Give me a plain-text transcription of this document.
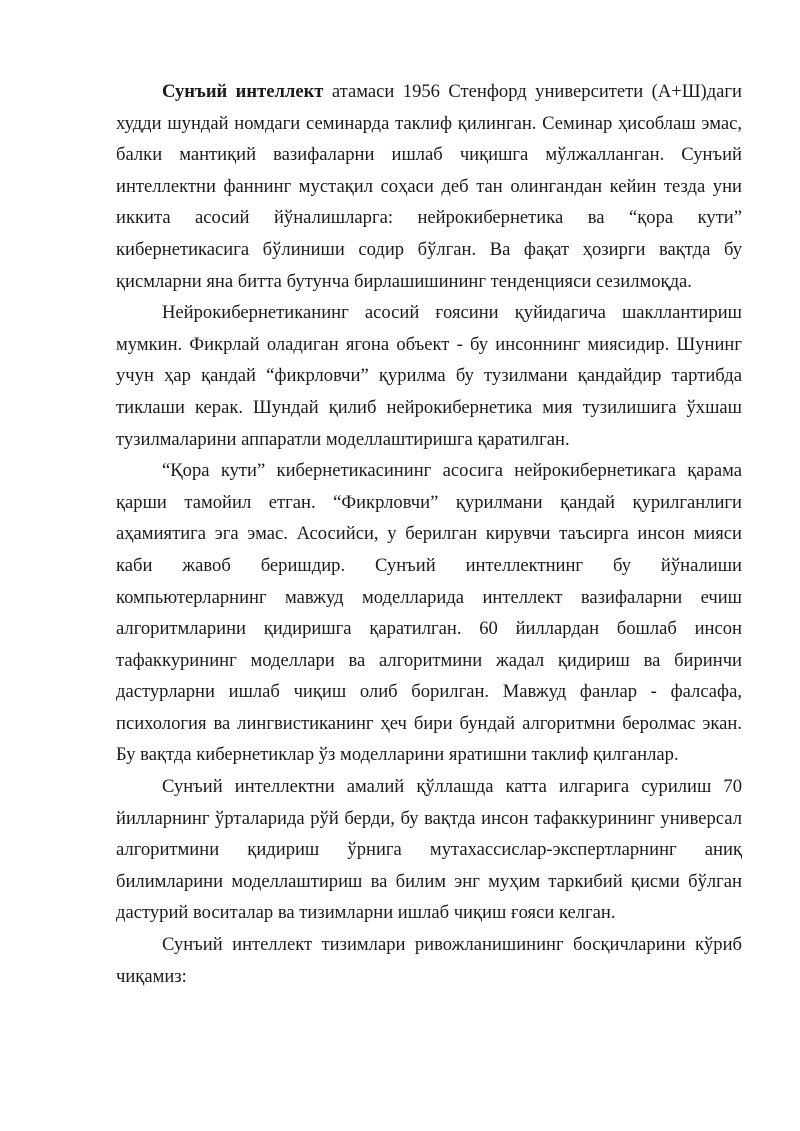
Сунъий интеллект атамаси 1956 Стенфорд университети (А+Ш)даги худди шундай номдаги семинарда таклиф қилинган. Семинар ҳисоблаш эмас, балки мантиқий вазифаларни ишлаб чиқишга мўлжалланган. Сунъий интеллектни фаннинг мустақил соҳаси деб тан олингандан кейин тезда уни иккита асосий йўналишларга: нейрокибернетика ва “қора кути” кибернетикасига бўлиниши содир бўлган. Ва фақат ҳозирги вақтда бу қисмларни яна битта бутунча бирлашишининг тенденцияси сезилмоқда.

Нейрокибернетиканинг асосий ғоясини қуйидагича шакллантириш мумкин. Фикрлай оладиган ягона объект - бу инсоннинг миясидир. Шунинг учун ҳар қандай “фикрловчи” қурилма бу тузилмани қандайдир тартибда тиклаши керак. Шундай қилиб нейрокибернетика мия тузилишига ўхшаш тузилмаларини аппаратли моделлаштиришга қаратилган.

“Қора кути” кибернетикасининг асосига нейрокибернетикага қарама қарши тамойил етган. “Фикрловчи” қурилмани қандай қурилганлиги аҳамиятига эга эмас. Асосийси, у берилган кирувчи таъсирга инсон мияси каби жавоб беришдир. Сунъий интеллектнинг бу йўналиши компьютерларнинг мавжуд моделларида интеллект вазифаларни ечиш алгоритмларини қидиришга қаратилган. 60 йиллардан бошлаб инсон тафаккурининг моделлари ва алгоритмини жадал қидириш ва биринчи дастурларни ишлаб чиқиш олиб борилган. Мавжуд фанлар - фалсафа, психология ва лингвистиканинг ҳеч бири бундай алгоритмни беролмас экан. Бу вақтда кибернетиклар ўз моделларини яратишни таклиф қилганлар.

Сунъий интеллектни амалий қўллашда катта илгарига сурилиш 70 йилларнинг ўрталарида рўй берди, бу вақтда инсон тафаккурининг универсал алгоритмини қидириш ўрнига мутахассислар-экспертларнинг аниқ билимларини моделлаштириш ва билим энг муҳим таркибий қисми бўлган дастурий воситалар ва тизимларни ишлаб чиқиш ғояси келган.

Сунъий интеллект тизимлари ривожланишининг босқичларини кўриб чиқамиз:
